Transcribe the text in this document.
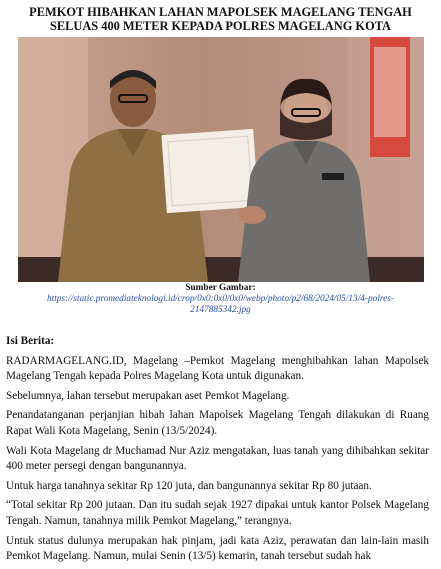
PEMKOT HIBAHKAN LAHAN MAPOLSEK MAGELANG TENGAH SELUAS 400 METER KEPADA POLRES MAGELANG KOTA
Sumber Gambar:
https://static.promediateknologi.id/crop/0x0:0x0/0x0/webp/photo/p2/68/2024/05/13/4-polres-2147885342.jpg
Isi Berita:

RADARMAGELANG.ID, Magelang –Pemkot Magelang menghibahkan lahan Mapolsek Magelang Tengah kepada Polres Magelang Kota untuk digunakan.

Sebelumnya, lahan tersebut merupakan aset Pemkot Magelang.

Penandatanganan perjanjian hibah lahan Mapolsek Magelang Tengah dilakukan di Ruang Rapat Wali Kota Magelang, Senin (13/5/2024).

Wali Kota Magelang dr Muchamad Nur Aziz mengatakan, luas tanah yang dihibahkan sekitar 400 meter persegi dengan bangunannya.

Untuk harga tanahnya sekitar Rp 120 juta, dan bangunannya sekitar Rp 80 jutaan.

“Total sekitar Rp 200 jutaan. Dan itu sudah sejak 1927 dipakai untuk kantor Polsek Magelang Tengah. Namun, tanahnya milik Pemkot Magelang,” terangnya.

Untuk status dulunya merupakan hak pinjam, jadi kata Aziz, perawatan dan lain-lain masih Pemkot Magelang. Namun, mulai Senin (13/5) kemarin, tanah tersebut sudah hak
